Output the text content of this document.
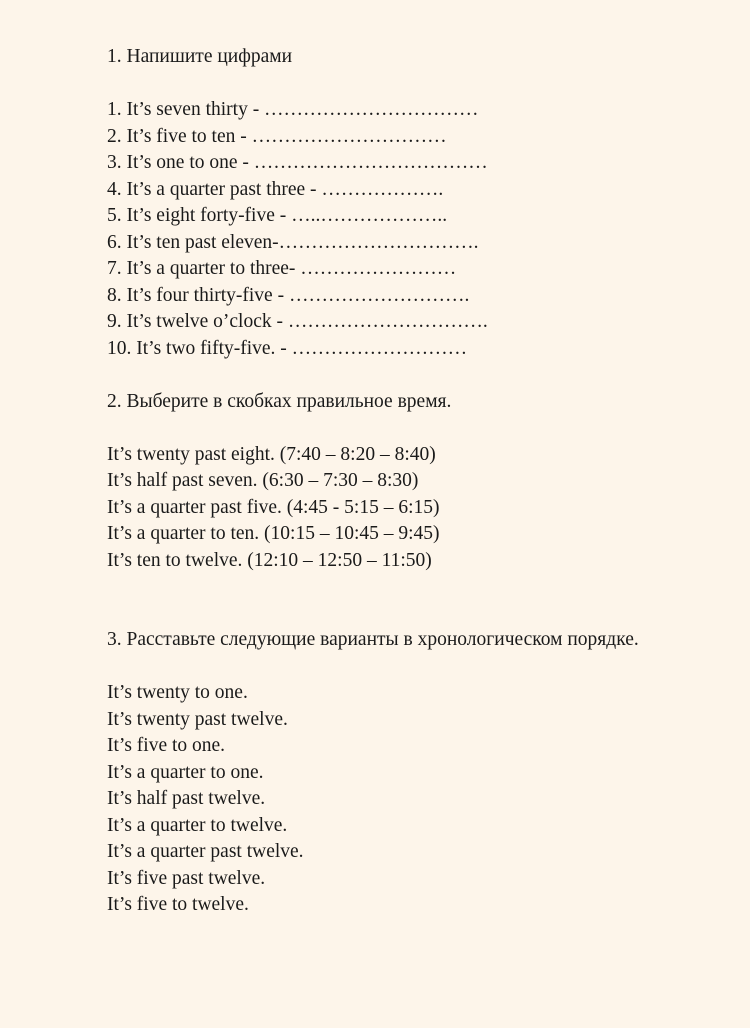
1. Напишите цифрами

1. It’s seven thirty - ……………………………

2. It’s five to ten - …………………………

3. It’s one to one - ………………………………

4. It’s a quarter past three - ……………….

5. It’s eight forty-five - …..………………..

6. It’s ten past eleven-………………………….

7. It’s a quarter to three- ……………………

8. It’s four thirty-five - ……………………….

9. It’s twelve o’clock - ………………………….

10. It’s two fifty-five. - ………………………

2. Выберите в скобках правильное время.

It’s twenty past eight. (7:40 – 8:20 – 8:40)

It’s half past seven. (6:30 – 7:30 – 8:30)

It’s a quarter past five. (4:45 - 5:15 – 6:15)

It’s a quarter to ten. (10:15 – 10:45 – 9:45)

It’s ten to twelve. (12:10 – 12:50 – 11:50)

3. Расставьте следующие варианты в хронологическом порядке.

It’s twenty to one.

It’s twenty past twelve.

It’s five to one.

It’s a quarter to one.

It’s half past twelve.

It’s a quarter to twelve.

It’s a quarter past twelve.

It’s five past twelve.

It’s five to twelve.
